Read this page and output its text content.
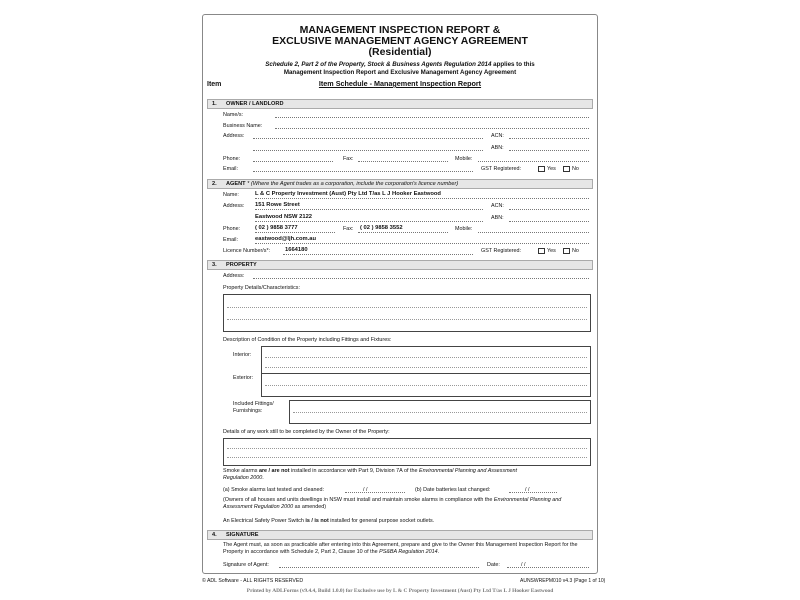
MANAGEMENT INSPECTION REPORT &
EXCLUSIVE MANAGEMENT AGENCY AGREEMENT
(Residential)
Schedule 2, Part 2 of the Property, Stock & Business Agents Regulation 2014 applies to this
Management Inspection Report and Exclusive Management Agency Agreement
Item	Item Schedule - Management Inspection Report
1. OWNER / LANDLORD
Name/s:
Business Name:
Address:	ACN:
ABN:
Phone:	Fax:	Mobile:
Email:	GST Registered:	Yes	No
2. AGENT * (Where the Agent trades as a corporation, include the corporation's licence number)
Name:	L & C Property Investment (Aust) Pty Ltd T/as L J Hooker Eastwood
Address: 151 Rowe Street	ACN:
Eastwood NSW 2122	ABN:
Phone:	( 02 ) 9858 3777	Fax: ( 02 ) 9858 3552	Mobile:
Email:	eastwood@ljh.com.au
Licence Number/s*:	1664180	GST Registered:	Yes	No
3. PROPERTY
Address:
Property Details/Characteristics:
Description of Condition of the Property including Fittings and Fixtures:
Interior:
Exterior:
Included Fittings/
Furnishings:
Details of any work still to be completed by the Owner of the Property:
Smoke alarms are / are not installed in accordance with Part 9, Division 7A of the Environmental Planning and Assessment
Regulation 2000.
(a) Smoke alarms last tested and cleaned:	/ /	(b) Date batteries last changed:	/ /
(Owners of all houses and units dwellings in NSW must install and maintain smoke alarms in compliance with the Environmental Planning and Assessment Regulation 2000 as amended)
An Electrical Safety Power Switch is / is not installed for general purpose socket outlets.
4. SIGNATURE
The Agent must, as soon as practicable after entering into this Agreement, prepare and give to the Owner this Management Inspection Report for the Property in accordance with Schedule 2, Part 2, Clause 10 of the PS&BA Regulation 2014.
Signature of Agent:	Date:	/ /
© ADL Software - ALL RIGHTS RESERVED	AUNSWREPM010 v4.3 (Page 1 of 10)
Printed by ADLForms (v9.4.4, Build 1.0.0) for Exclusive use by L & C Property Investment (Aust) Pty Ltd T/as L J Hooker Eastwood
